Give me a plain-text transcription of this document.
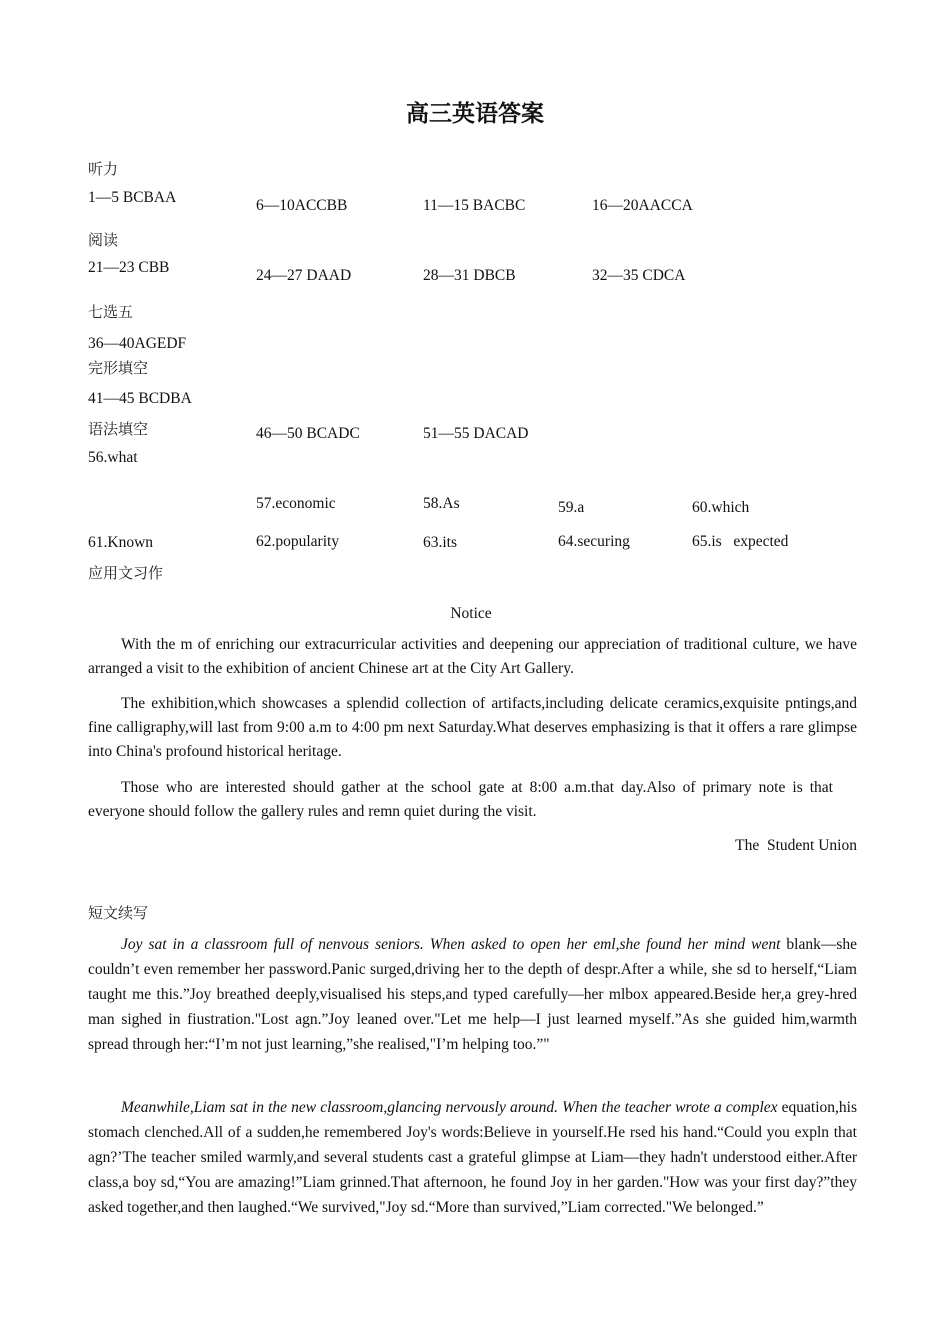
高三英语答案
听力
1—5 BCBAA	6—10ACCBB	11—15 BACBC	16—20AACCA
阅读
21—23 CBB	24—27 DAAD	28—31 DBCB	32—35 CDCA
七选五
36—40AGEDF
完形填空
41—45 BCDBA
46—50 BCADC	51—55 DACAD
语法填空
56.what
57.economic	58.As	59.a	60.which
61.Known	62.popularity	63.its	64.securing	65.is   expected
应用文习作
Notice
With the m of enriching our extracurricular activities and deepening our appreciation of traditional culture, we have arranged a visit to the exhibition of ancient Chinese art at the City Art Gallery.
The exhibition,which showcases a splendid collection of artifacts,including delicate ceramics,exquisite pntings,and fine calligraphy,will last from 9:00 a.m to 4:00 pm next Saturday.What deserves emphasizing is that it offers a rare glimpse into China's profound historical heritage.
Those who are interested should gather at the school gate at 8:00 a.m.that day.Also of primary note is that everyone should follow the gallery rules and remn quiet during the visit.
The  Student Union
短文续写
Joy sat in a classroom full of nenvous seniors. When asked to open her eml,she found her mind went blank—she couldn’t even remember her password.Panic surged,driving her to the depth of despr.After a while, she sd to herself,“Liam taught me this.”Joy breathed deeply,visualised his steps,and typed carefully—her mlbox appeared.Beside her,a grey-hred man sighed in fiustration."Lost agn.”Joy leaned over."Let me help—I just learned myself.”As she guided him,warmth spread through her:“I’m not just learning,”she realised,"I’m helping too.”"
Meanwhile,Liam sat in the new classroom,glancing nervously around. When the teacher wrote a complex equation,his stomach clenched.All of a sudden,he remembered Joy's words:Believe in yourself.He rsed his hand.“Could you expln that agn?’The teacher smiled warmly,and several students cast a grateful glimpse at Liam—they hadn't understood either.After class,a boy sd,“You are amazing!”Liam grinned.That afternoon, he found Joy in her garden."How was your first day?”they asked together,and then laughed.“We survived,"Joy sd.“More than survived,”Liam corrected."We belonged.”
